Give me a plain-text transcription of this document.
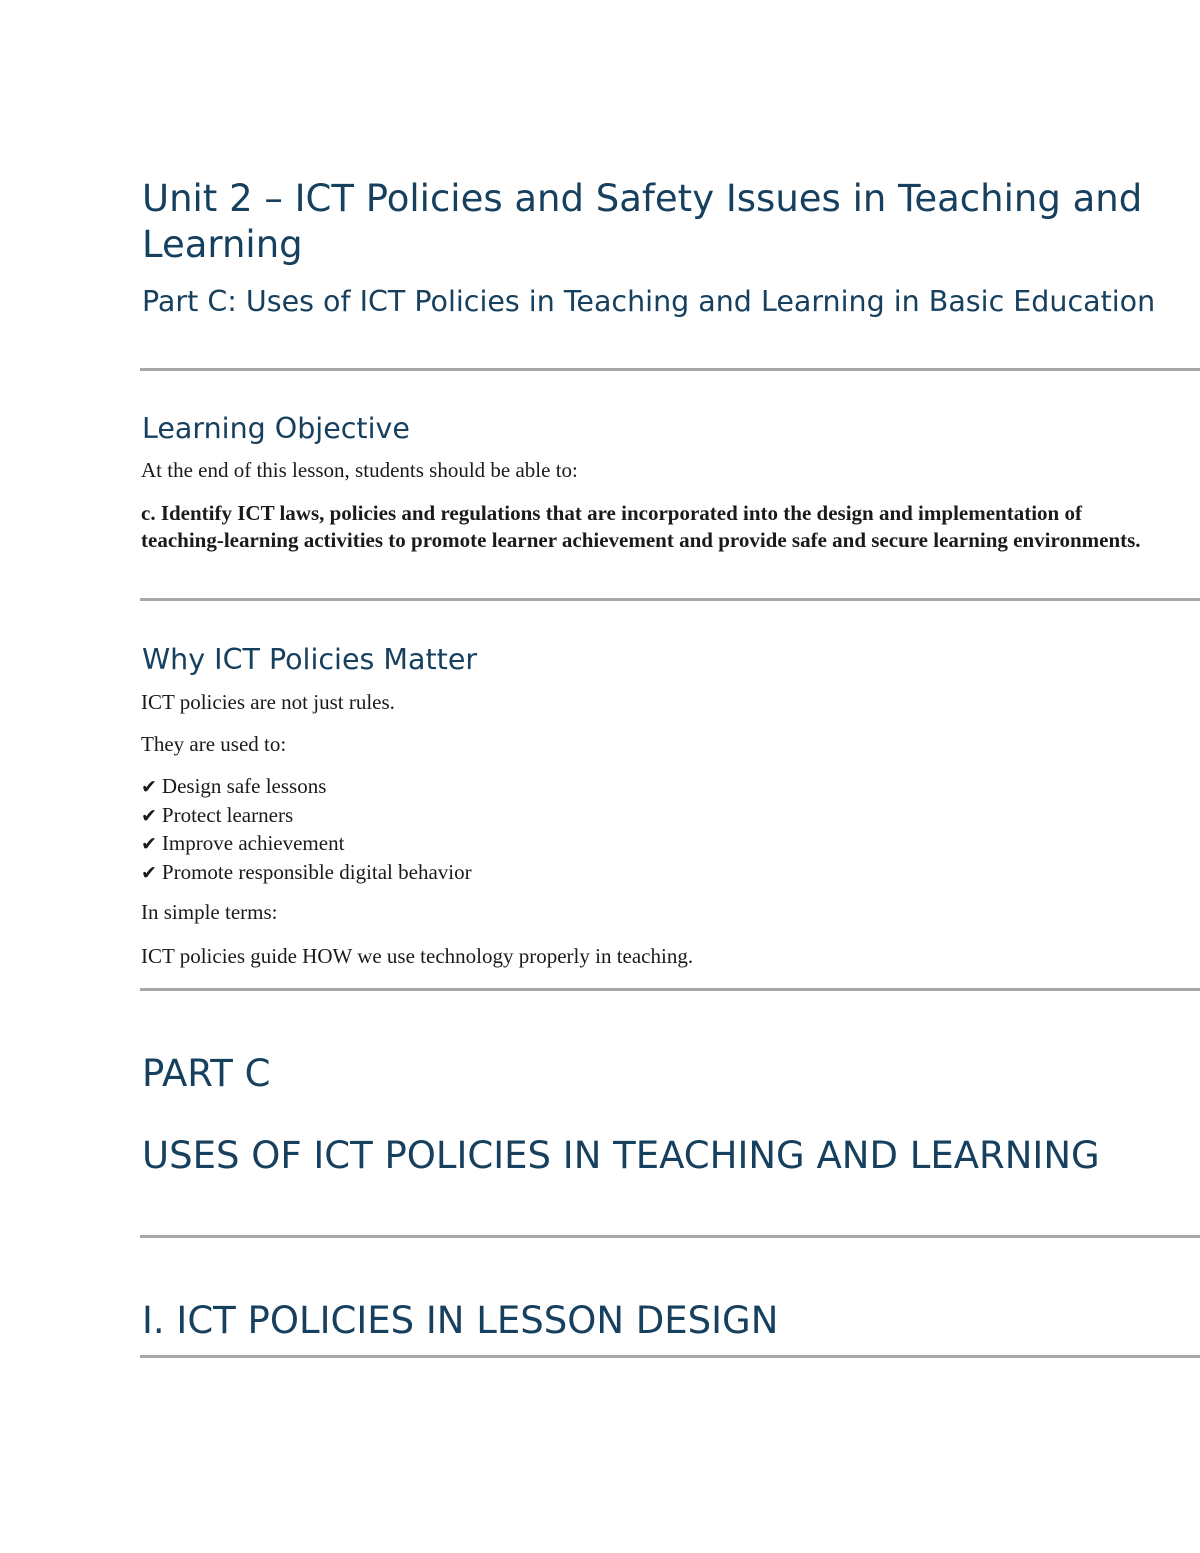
Unit 2 – ICT Policies and Safety Issues in Teaching and Learning
Part C: Uses of ICT Policies in Teaching and Learning in Basic Education
Learning Objective

At the end of this lesson, students should be able to:

c. Identify ICT laws, policies and regulations that are incorporated into the design and implementation of teaching-learning activities to promote learner achievement and provide safe and secure learning environments.

Why ICT Policies Matter

ICT policies are not just rules.

They are used to:

✔ Design safe lessons
✔ Protect learners
✔ Improve achievement
✔ Promote responsible digital behavior

In simple terms:

ICT policies guide HOW we use technology properly in teaching.

PART C
USES OF ICT POLICIES IN TEACHING AND LEARNING
I. ICT POLICIES IN LESSON DESIGN
